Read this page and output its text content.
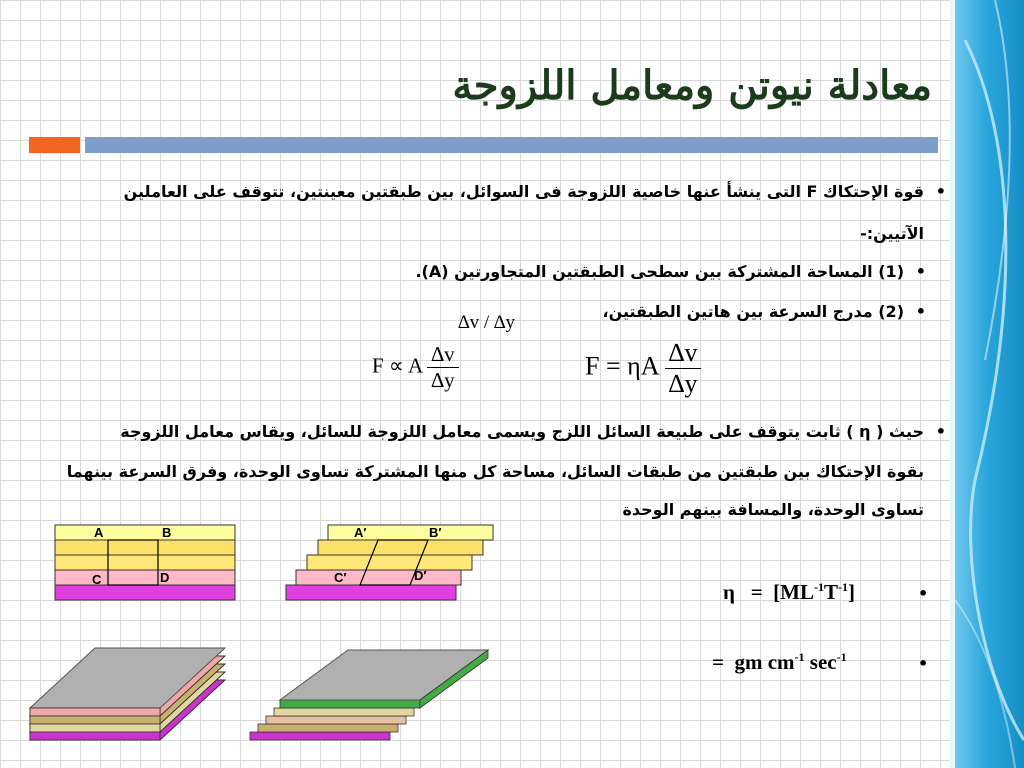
معادلة نيوتن ومعامل اللزوجة
• قوة الإحتكاك F التى ينشأ عنها خاصية اللزوجة فى السوائل، بين طبقتين معينتين، تتوقف على العاملين
الآتيين:-
• (1) المساحة المشتركة بين سطحى الطبقتين المتجاورتين (A).
• (2) مدرج السرعة بين هاتين الطبقتين،
∆v / ∆y
F ∝ A $\frac{\Delta v}{\Delta y}$	F = ηA $\frac{\Delta v}{\Delta y}$
• حيث ( η ) ثابت يتوقف على طبيعة السائل اللزج ويسمى معامل اللزوجة للسائل، ويقاس معامل اللزوجة
بقوة الإحتكاك بين طبقتين من طبقات السائل، مساحة كل منها المشتركة تساوى الوحدة، وفرق السرعة بينهما
تساوى الوحدة، والمسافة بينهم الوحدة
$\eta = [ML^{-1}T^{-1}]$	•
= gm $cm^{-1}$ $\sec^{-1}$	•
A	B
C	D
A′	B′
C′	D′
